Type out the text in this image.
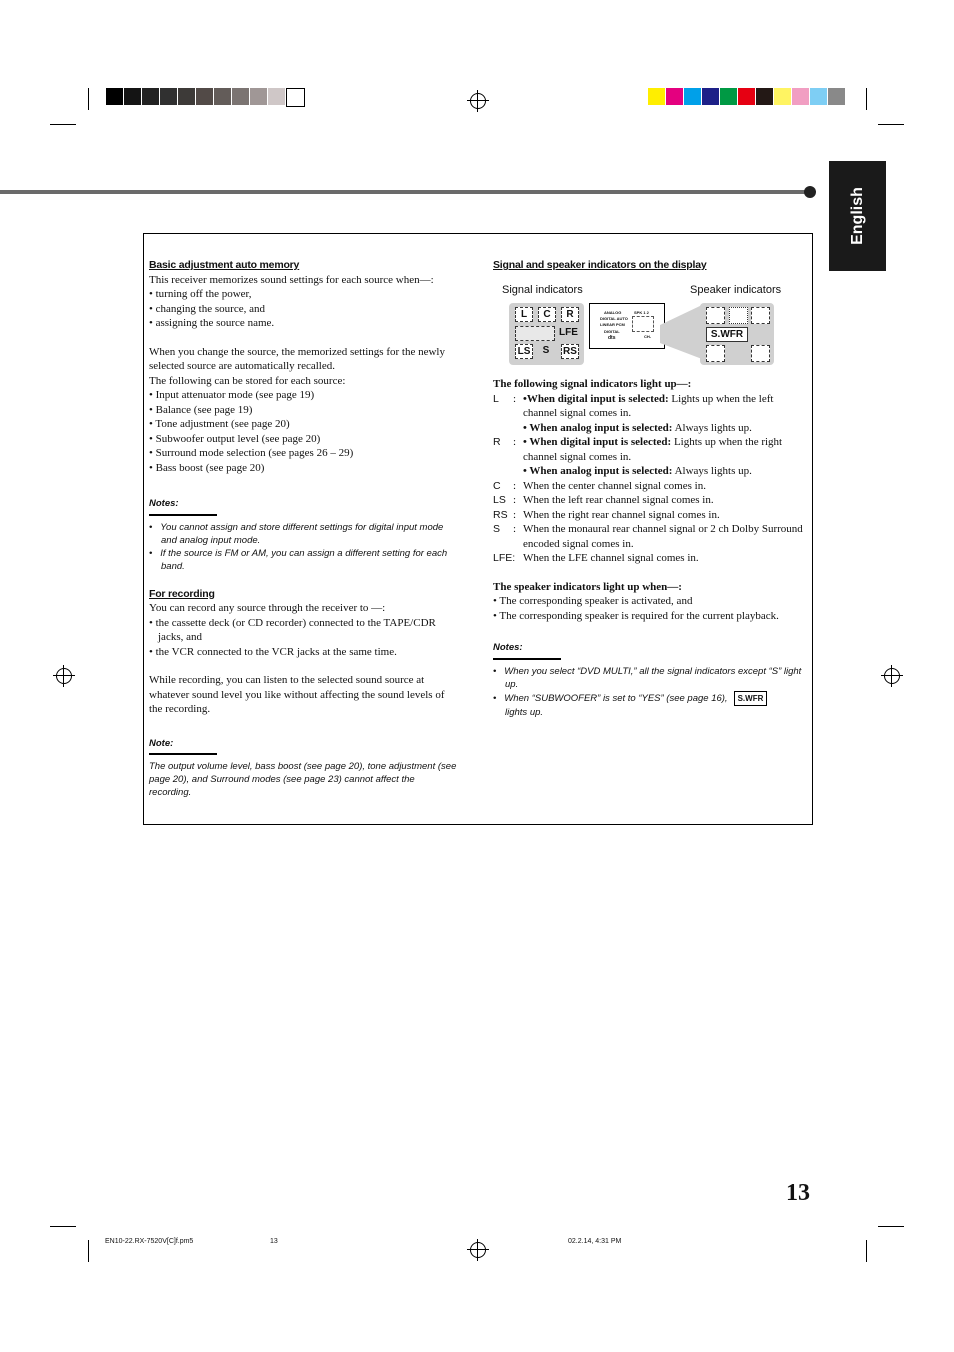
English

Basic adjustment auto memory

This receiver memorizes sound settings for each source when—:

• turning off the power,

• changing the source, and

• assigning the source name.

When you change the source, the memorized settings for the newly selected source are automatically recalled.

The following can be stored for each source:

• Input attenuator mode (see page 19)

• Balance (see page 19)

• Tone adjustment (see page 20)

• Subwoofer output level (see page 20)

• Surround mode selection (see pages 26 – 29)

• Bass boost (see page 20)

Notes:

•   You cannot assign and store different settings for digital input mode and analog input mode.

•   If the source is FM or AM, you can assign a different setting for each band.

For recording

You can record any source through the receiver to —:

• the cassette deck (or CD recorder) connected to the TAPE/CDR jacks, and

• the VCR connected to the VCR jacks at the same time.

While recording, you can listen to the selected sound source at whatever sound level you like without affecting the sound levels of the recording.

Note:

The output volume level, bass boost (see page 20), tone adjustment (see page 20), and Surround modes (see page 23) cannot affect the recording.

Signal and speaker indicators on the display

Signal indicators	Speaker indicators
L	C	R
LFE
LS	S	RS
ANALOG
DIGITAL AUTO
LINEAR PCM
DIGITAL
dts
SPK 1 2
CH-	S.WFR

The following signal indicators light up—:

L	: •When digital input is selected: Lights up when the left channel signal comes in.

• When analog input is selected: Always lights up.

R	: • When digital input is selected: Lights up when the right channel signal comes in.

• When analog input is selected: Always lights up.

C	: When the center channel signal comes in.
LS : When the left rear channel signal comes in.
RS : When the right rear channel signal comes in.
S	: When the monaural rear channel signal or 2 ch Dolby Surround encoded signal comes in.
LFE: When the LFE channel signal comes in.

The speaker indicators light up when—:

• The corresponding speaker is activated, and

• The corresponding speaker is required for the current playback.

Notes:

•   When you select “DVD MULTI,” all the signal indicators except “S” light up.

•   When “SUBWOOFER” is set to “YES” (see page 16), S.WFR
lights up.

13
EN10-22.RX-7520V[C]f.pm5	13	02.2.14, 4:31 PM
